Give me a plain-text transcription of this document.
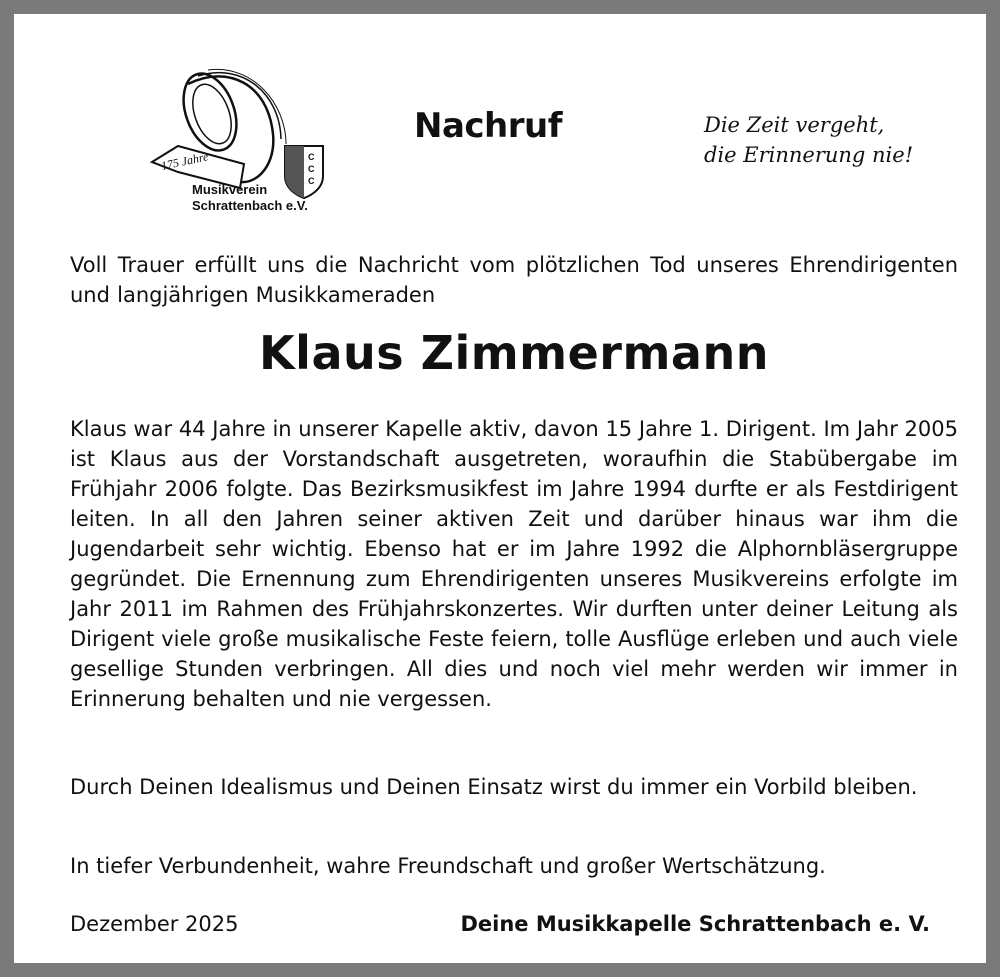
175 Jahre	C
C
C
Musikverein
Schrattenbach e.V.
Nachruf	Die Zeit vergeht,
die Erinnerung nie!
Voll Trauer erfüllt uns die Nachricht vom plötzlichen Tod unseres Ehrendirigenten und langjährigen Musikkameraden
Klaus Zimmermann
Klaus war 44 Jahre in unserer Kapelle aktiv, davon 15 Jahre 1. Dirigent. Im Jahr 2005 ist Klaus aus der Vorstandschaft ausgetreten, woraufhin die Stabübergabe im Frühjahr 2006 folgte. Das Bezirksmusikfest im Jahre 1994 durfte er als Festdirigent leiten. In all den Jahren seiner aktiven Zeit und darüber hinaus war ihm die Jugendarbeit sehr wichtig. Ebenso hat er im Jahre 1992 die Alphornbläsergruppe gegründet. Die Ernennung zum Ehrendirigenten unseres Musikvereins erfolgte im Jahr 2011 im Rahmen des Frühjahrskonzertes. Wir durften unter deiner Leitung als Dirigent viele große musikalische Feste feiern, tolle Ausflüge erleben und auch viele gesellige Stunden verbringen. All dies und noch viel mehr werden wir immer in Erinnerung behalten und nie vergessen.
Durch Deinen Idealismus und Deinen Einsatz wirst du immer ein Vorbild bleiben.
In tiefer Verbundenheit, wahre Freundschaft und großer Wertschätzung.
Dezember 2025	Deine Musikkapelle Schrattenbach e. V.
